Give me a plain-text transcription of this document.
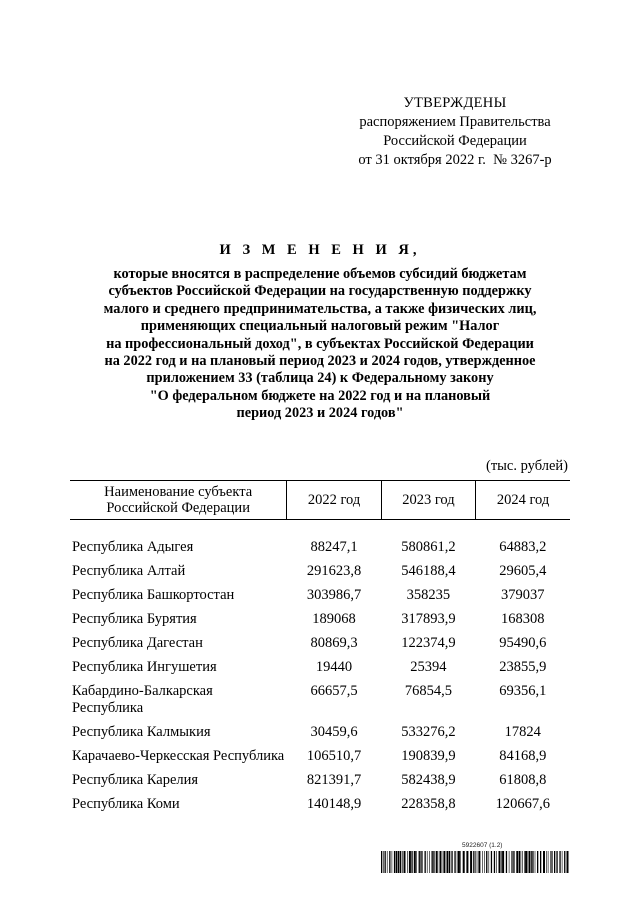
УТВЕРЖДЕНЫ
распоряжением Правительства
Российской Федерации
от 31 октября 2022 г.  № 3267-р
И З М Е Н Е Н И Я,
которые вносятся в распределение объемов субсидий бюджетам
субъектов Российской Федерации на государственную поддержку
малого и среднего предпринимательства, а также физических лиц,
применяющих специальный налоговый режим "Налог
на профессиональный доход", в субъектах Российской Федерации
на 2022 год и на плановый период 2023 и 2024 годов, утвержденное
приложением 33 (таблица 24) к Федеральному закону
"О федеральном бюджете на 2022 год и на плановый
период 2023 и 2024 годов"
(тыс. рублей)
Наименование субъекта Российской Федерации	2022 год	2023 год	2024 год

Республика Адыгея	88247,1	580861,2	64883,2
Республика Алтай	291623,8	546188,4	29605,4
Республика Башкортостан	303986,7	358235	379037
Республика Бурятия	189068	317893,9	168308
Республика Дагестан	80869,3	122374,9	95490,6
Республика Ингушетия	19440	25394	23855,9
Кабардино-Балкарская Республика	66657,5	76854,5	69356,1
Республика Калмыкия	30459,6	533276,2	17824
Карачаево-Черкесская Республика	106510,7	190839,9	84168,9
Республика Карелия	821391,7	582438,9	61808,8
Республика Коми	140148,9	228358,8	120667,6
5922607 (1.2)
